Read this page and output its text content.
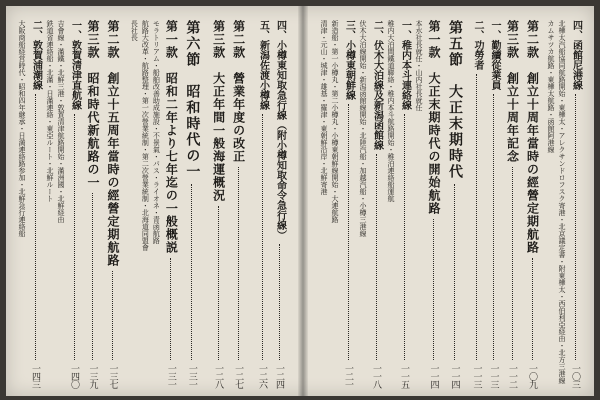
四、函館尼港線
一〇三
北樺太汽船協同航路開始・東樺太・アレクサンドロフスク寄港・北京議定書・附東樺太・西伯利亞経由・北方三港線
カムサツカ航路・東樺太航路・函館阿港線
第二款　創立十周年當時の經營定期航路
一〇九
第三款　創立十周年記念
一一二
一、勤續從業員
一一三
二、功勞者
一一三
第五節　大正末期時代
一一四
第一款　大正末期時代の開始航路
一一四
本水社長就任・山内社長就任
一、稚内本斗連絡線
一一五
稚内大泊間鐵道聯絡・稚内本斗航路開始・稚泊連絡船運航
二、伏木大泊線及新潟函館線
一一八
伏木大泊線開始・新潟函館線開始・北陸汽船・加越汽船・小樽三港線
三、小樽東朝鮮線
一二一
新造船・第一小樽丸・第二小樽丸・小樽東朝鮮線開始・大連航路
清津・元山・城津・雄基・羅津・東朝鮮沿岸・北鮮寄港
四、小樽東知取急行線（附小樽知取命令急行線）
一二四
五、新潟佐渡小樽線
一二六
第二款　營業年度の改正
一二七
第三款　大正年間一般海運概況
一二八
第六節　昭和時代の一
一三一
第一款　昭和二年より七年迄の一般概説
一三一
モラトリアム・船舶改善助成施設・不景氣・パス・ライオネ・青函航路
航路大改革・航路整理・第一次營業統制・第二次營業統制・北海道同盟會
長社長
第二款　創立十五周年當時の經營定期航路
一三七
第三款　昭和時代新航路の一
一三九
一、敦賀清津直航線
一四〇
吉會線・滿鐵・北鮮三港・敦賀清津航路開始・滿洲國・北鮮経由
鉄道省連絡船・北滿・日滿連絡・東亞ルート・北鮮ルート
二、敦賀浦潮線
一四三
大阪商船経営時代・昭和四年継承・日満連絡路参加・北鮮急行連絡船
